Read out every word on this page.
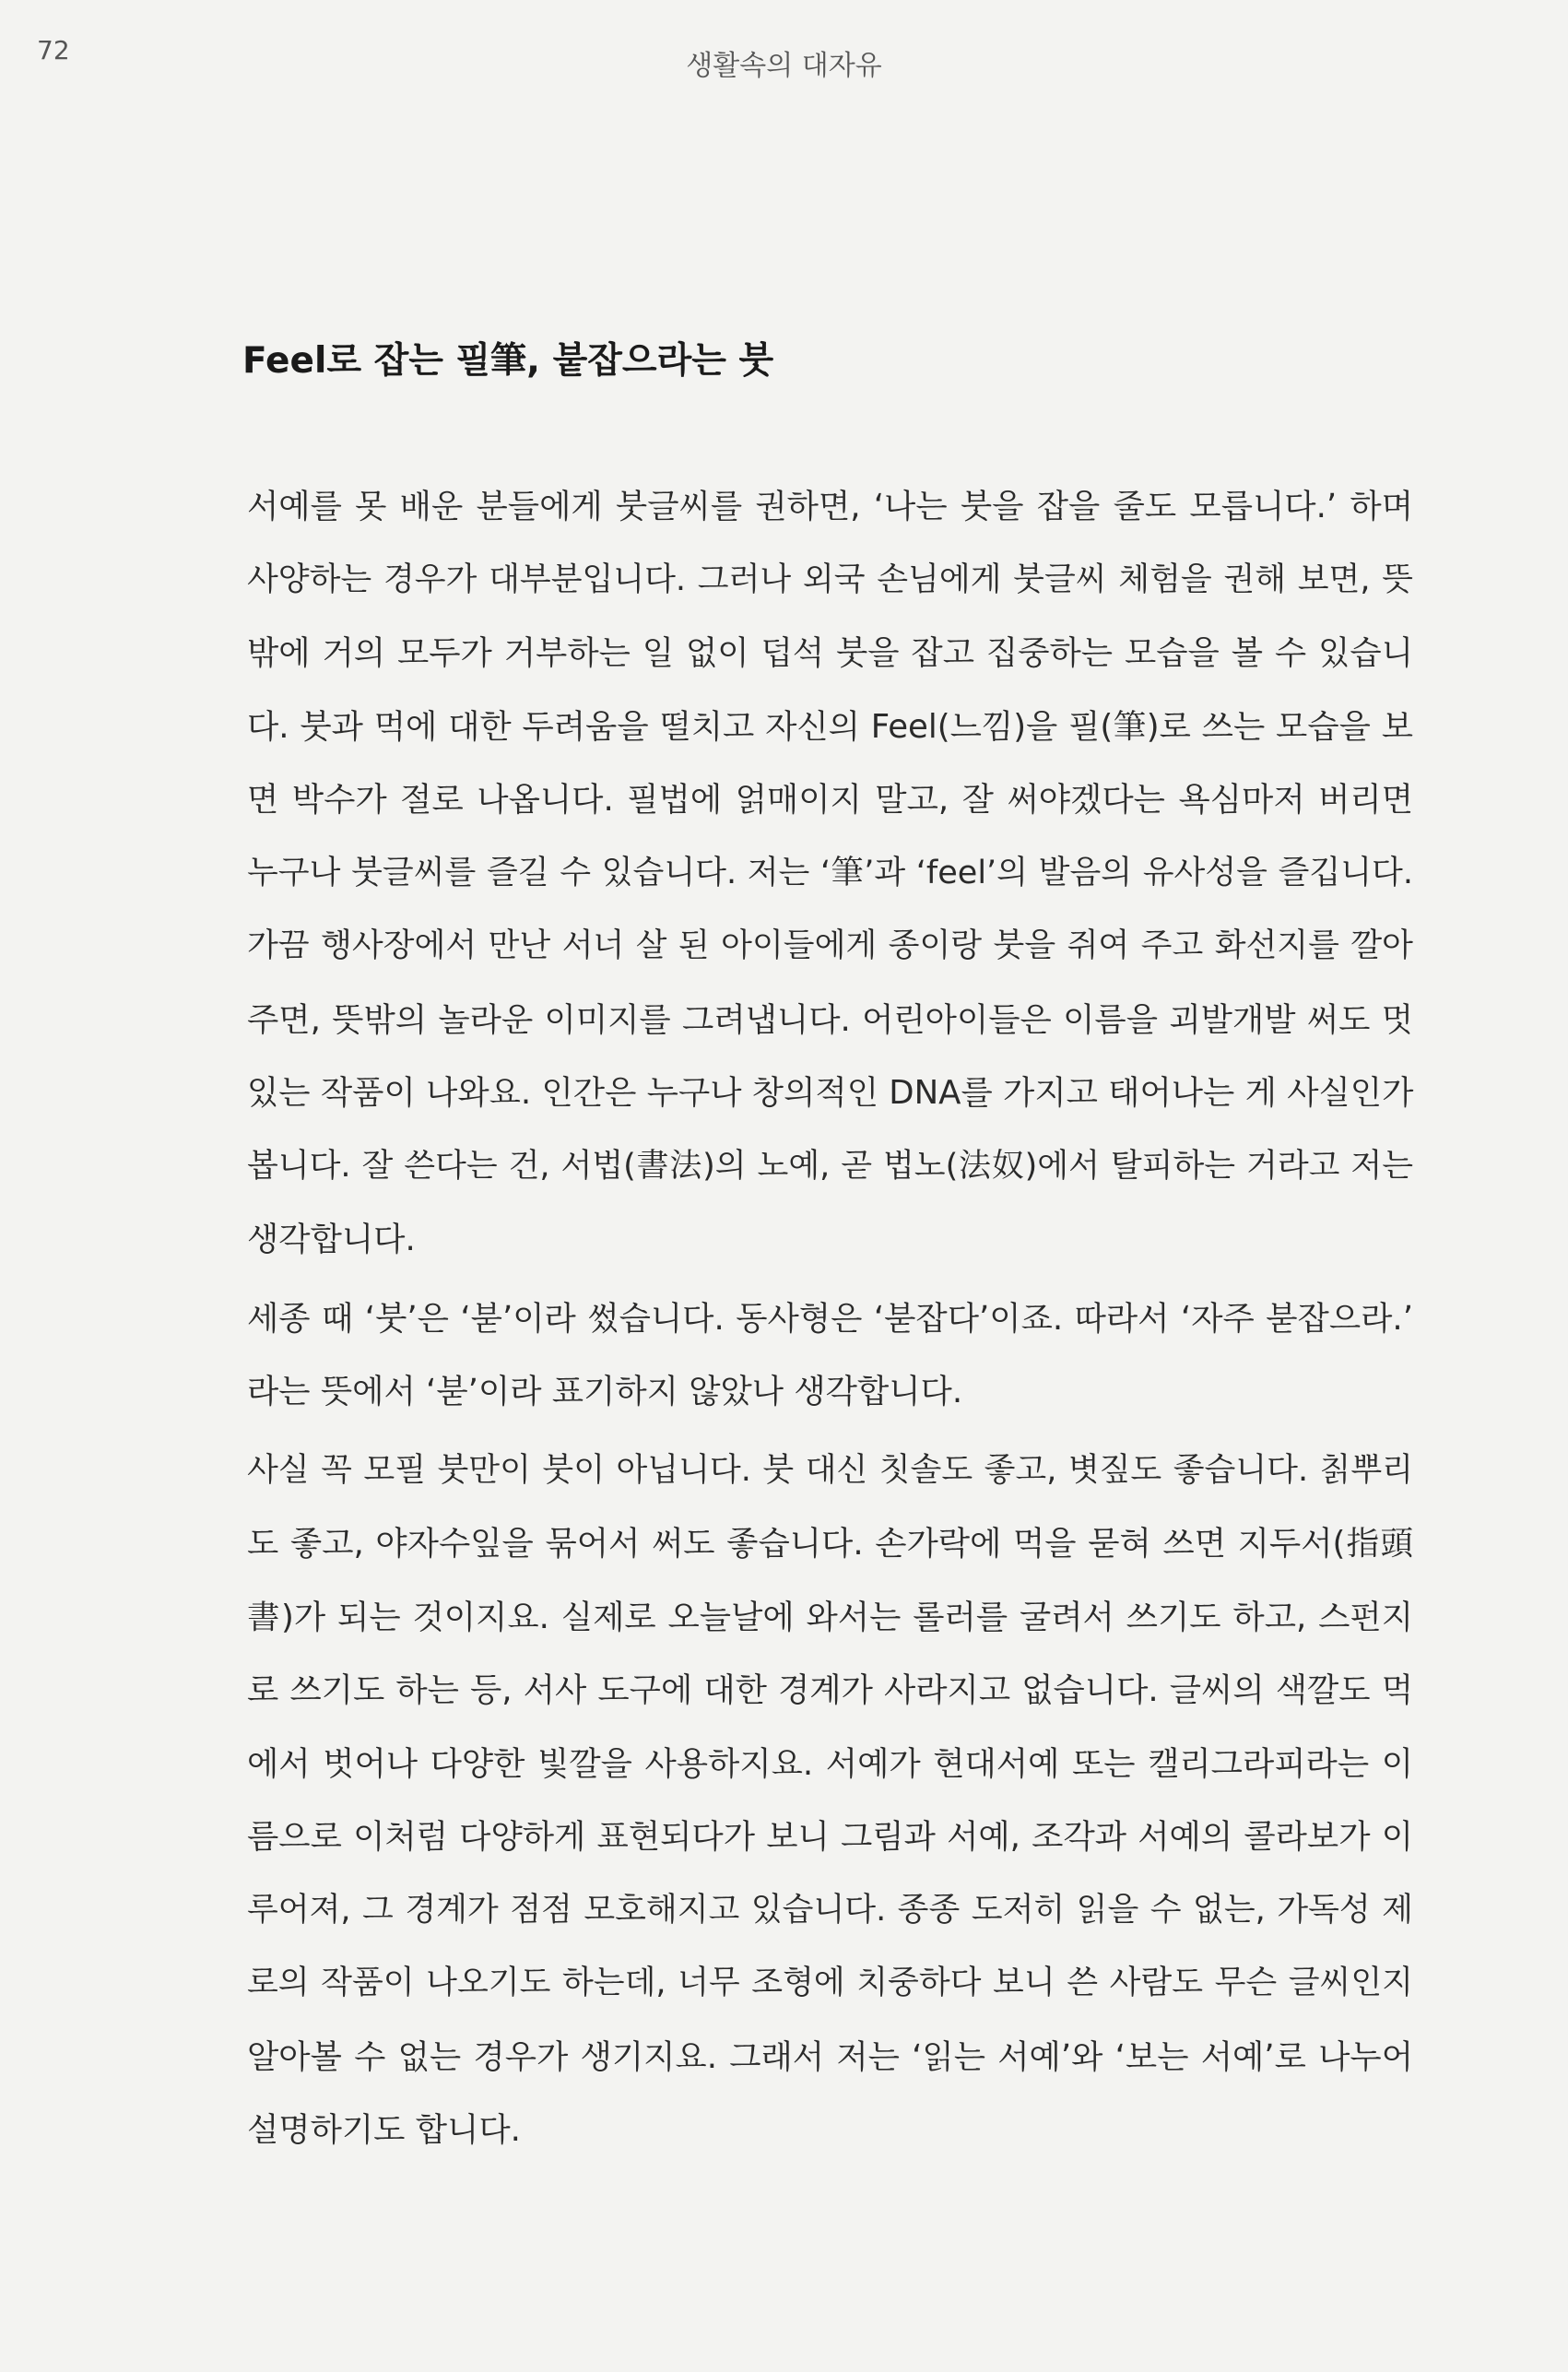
72	생활속의 대자유
Feel로 잡는 필筆, 붙잡으라는 붓

서예를 못 배운 분들에게 붓글씨를 권하면, ‘나는 붓을 잡을 줄도 모릅니다.’ 하며
사양하는 경우가 대부분입니다. 그러나 외국 손님에게 붓글씨 체험을 권해 보면, 뜻
밖에 거의 모두가 거부하는 일 없이 덥석 붓을 잡고 집중하는 모습을 볼 수 있습니
다. 붓과 먹에 대한 두려움을 떨치고 자신의 Feel(느낌)을 필(筆)로 쓰는 모습을 보
면 박수가 절로 나옵니다. 필법에 얽매이지 말고, 잘 써야겠다는 욕심마저 버리면
누구나 붓글씨를 즐길 수 있습니다. 저는 ‘筆’과 ‘feel’의 발음의 유사성을 즐깁니다.
가끔 행사장에서 만난 서너 살 된 아이들에게 종이랑 붓을 쥐여 주고 화선지를 깔아
주면, 뜻밖의 놀라운 이미지를 그려냅니다. 어린아이들은 이름을 괴발개발 써도 멋
있는 작품이 나와요. 인간은 누구나 창의적인 DNA를 가지고 태어나는 게 사실인가
봅니다. 잘 쓴다는 건, 서법(書法)의 노예, 곧 법노(法奴)에서 탈피하는 거라고 저는
생각합니다.

세종 때 ‘붓’은 ‘붇’이라 썼습니다. 동사형은 ‘붇잡다’이죠. 따라서 ‘자주 붇잡으라.’
라는 뜻에서 ‘붇’이라 표기하지 않았나 생각합니다.

사실 꼭 모필 붓만이 붓이 아닙니다. 붓 대신 칫솔도 좋고, 볏짚도 좋습니다. 칡뿌리
도 좋고, 야자수잎을 묶어서 써도 좋습니다. 손가락에 먹을 묻혀 쓰면 지두서(指頭
書)가 되는 것이지요. 실제로 오늘날에 와서는 롤러를 굴려서 쓰기도 하고, 스펀지
로 쓰기도 하는 등, 서사 도구에 대한 경계가 사라지고 없습니다. 글씨의 색깔도 먹
에서 벗어나 다양한 빛깔을 사용하지요. 서예가 현대서예 또는 캘리그라피라는 이
름으로 이처럼 다양하게 표현되다가 보니 그림과 서예, 조각과 서예의 콜라보가 이
루어져, 그 경계가 점점 모호해지고 있습니다. 종종 도저히 읽을 수 없는, 가독성 제
로의 작품이 나오기도 하는데, 너무 조형에 치중하다 보니 쓴 사람도 무슨 글씨인지
알아볼 수 없는 경우가 생기지요. 그래서 저는 ‘읽는 서예’와 ‘보는 서예’로 나누어
설명하기도 합니다.
